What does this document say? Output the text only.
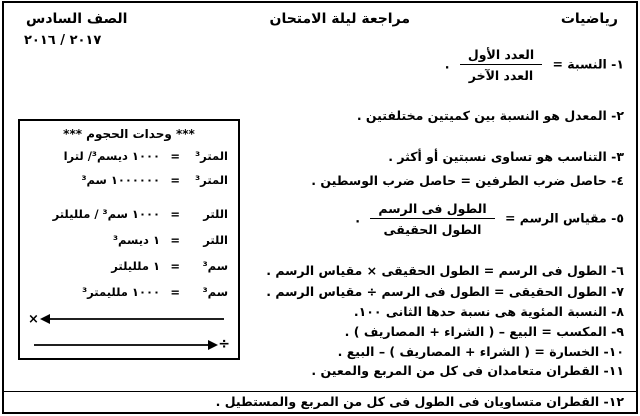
رياضيات
مراجعة ليلة الامتحان
الصف السادس
٢٠١٧ / ٢٠١٦
١- النسبة =
$\frac{\text{العدد الأول}}{\text{العدد الآخر}}$
.
٢- المعدل هو النسبة بين كميتين مختلفتين .
٣- التناسب هو تساوى نسبتين أو أكثر .
٤- حاصل ضرب الطرفين = حاصل ضرب الوسطين .
٥- مقياس الرسم =
$\frac{\text{الطول فى الرسم}}{\text{الطول الحقيقى}}$
.
٦- الطول فى الرسم = الطول الحقيقى × مقياس الرسم .
٧- الطول الحقيقى = الطول فى الرسم ÷ مقياس الرسم .
٨- النسبة المئوية هى نسبة حدها الثانى ١٠٠.
٩- المكسب = البيع – ( الشراء + المصاريف ) .
١٠- الخسارة = ( الشراء + المصاريف ) – البيع .
١١- القطران متعامدان فى كل من المربع والمعين .
١٢- القطران متساويان فى الطول فى كل من المربع والمستطيل .
*** وحدات الحجوم ***
المتر³
=
١٠٠٠ ديسم³/ لترا
المتر³
=
١٠٠٠٠٠٠ سم³
اللتر
=
١٠٠٠ سم³ / ملليلتر
اللتر
=
١ ديسم³
سم³
=
١ ملليلتر
سم³
=
١٠٠٠ ملليمتر³
×
÷
